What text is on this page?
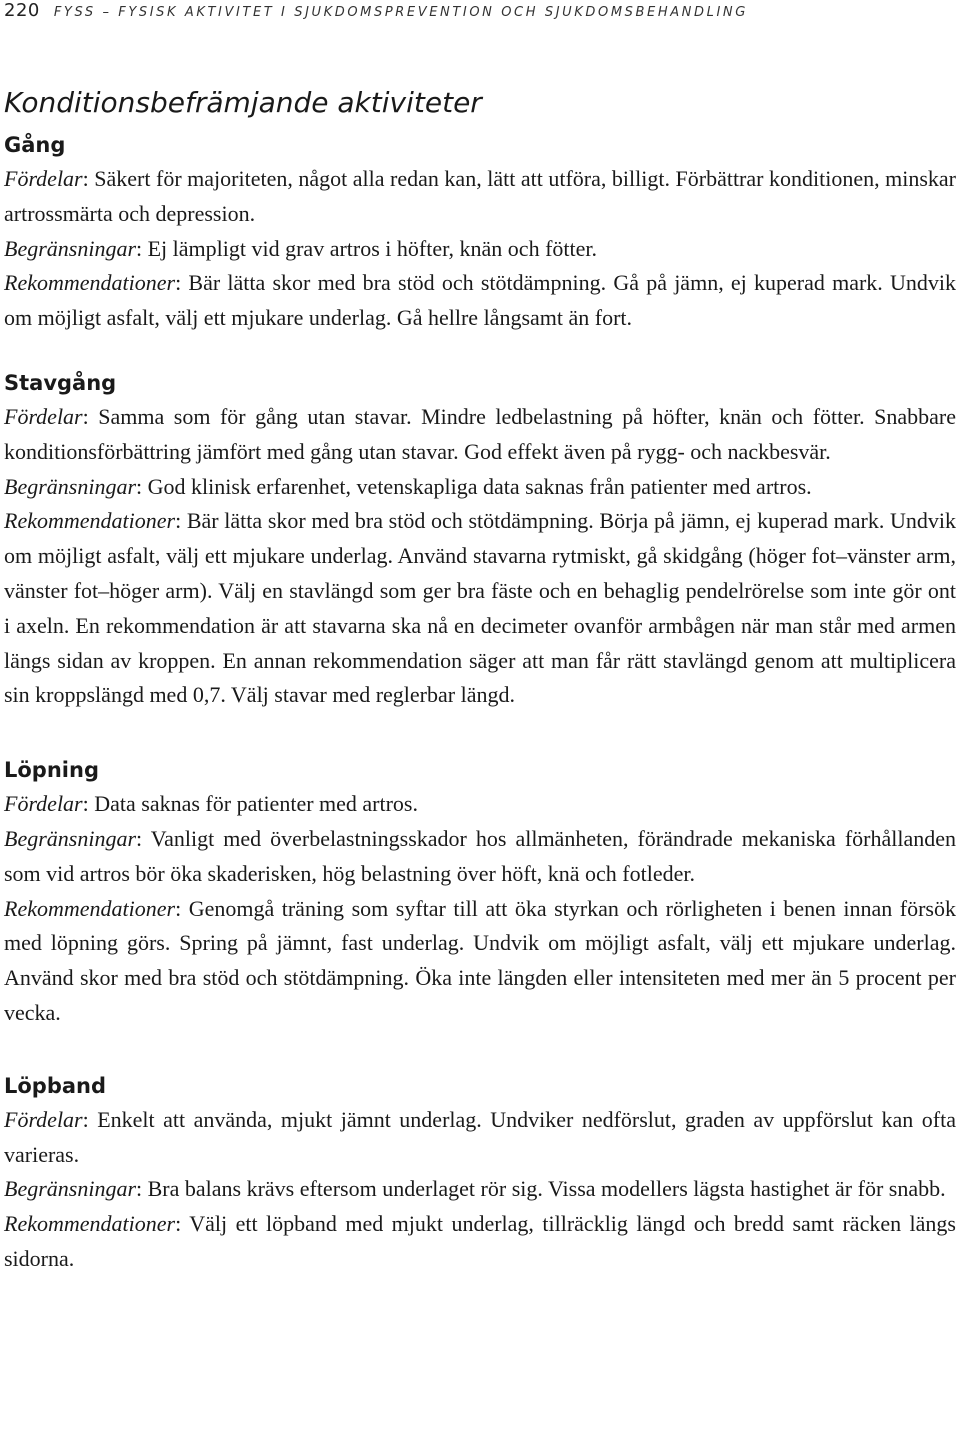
220 FYSS – FYSISK AKTIVITET I SJUKDOMSPREVENTION OCH SJUKDOMSBEHANDLING
Konditionsbefrämjande aktiviteter
Gång

Fördelar: Säkert för majoriteten, något alla redan kan, lätt att utföra, billigt. Förbättrar konditionen, minskar artrossmärta och depression.

Begränsningar: Ej lämpligt vid grav artros i höfter, knän och fötter.

Rekommendationer: Bär lätta skor med bra stöd och stötdämpning. Gå på jämn, ej kuperad mark. Undvik om möjligt asfalt, välj ett mjukare underlag. Gå hellre långsamt än fort.

Stavgång

Fördelar: Samma som för gång utan stavar. Mindre ledbelastning på höfter, knän och fötter. Snabbare konditionsförbättring jämfört med gång utan stavar. God effekt även på rygg- och nackbesvär.

Begränsningar: God klinisk erfarenhet, vetenskapliga data saknas från patienter med artros.

Rekommendationer: Bär lätta skor med bra stöd och stötdämpning. Börja på jämn, ej kuperad mark. Undvik om möjligt asfalt, välj ett mjukare underlag. Använd stavarna rytmiskt, gå skidgång (höger fot–vänster arm, vänster fot–höger arm). Välj en stavlängd som ger bra fäste och en behaglig pendelrörelse som inte gör ont i axeln. En rekommendation är att stavarna ska nå en decimeter ovanför armbågen när man står med armen längs sidan av kroppen. En annan rekommendation säger att man får rätt stavlängd genom att multiplicera sin kroppslängd med 0,7. Välj stavar med reglerbar längd.

Löpning

Fördelar: Data saknas för patienter med artros.

Begränsningar: Vanligt med överbelastningsskador hos allmänheten, förändrade mekaniska förhållanden som vid artros bör öka skaderisken, hög belastning över höft, knä och fotleder.

Rekommendationer: Genomgå träning som syftar till att öka styrkan och rörligheten i benen innan försök med löpning görs. Spring på jämnt, fast underlag. Undvik om möjligt asfalt, välj ett mjukare underlag. Använd skor med bra stöd och stötdämpning. Öka inte längden eller intensiteten med mer än 5 procent per vecka.

Löpband

Fördelar: Enkelt att använda, mjukt jämnt underlag. Undviker nedförslut, graden av uppförslut kan ofta varieras.

Begränsningar: Bra balans krävs eftersom underlaget rör sig. Vissa modellers lägsta hastighet är för snabb.

Rekommendationer: Välj ett löpband med mjukt underlag, tillräcklig längd och bredd samt räcken längs sidorna.
